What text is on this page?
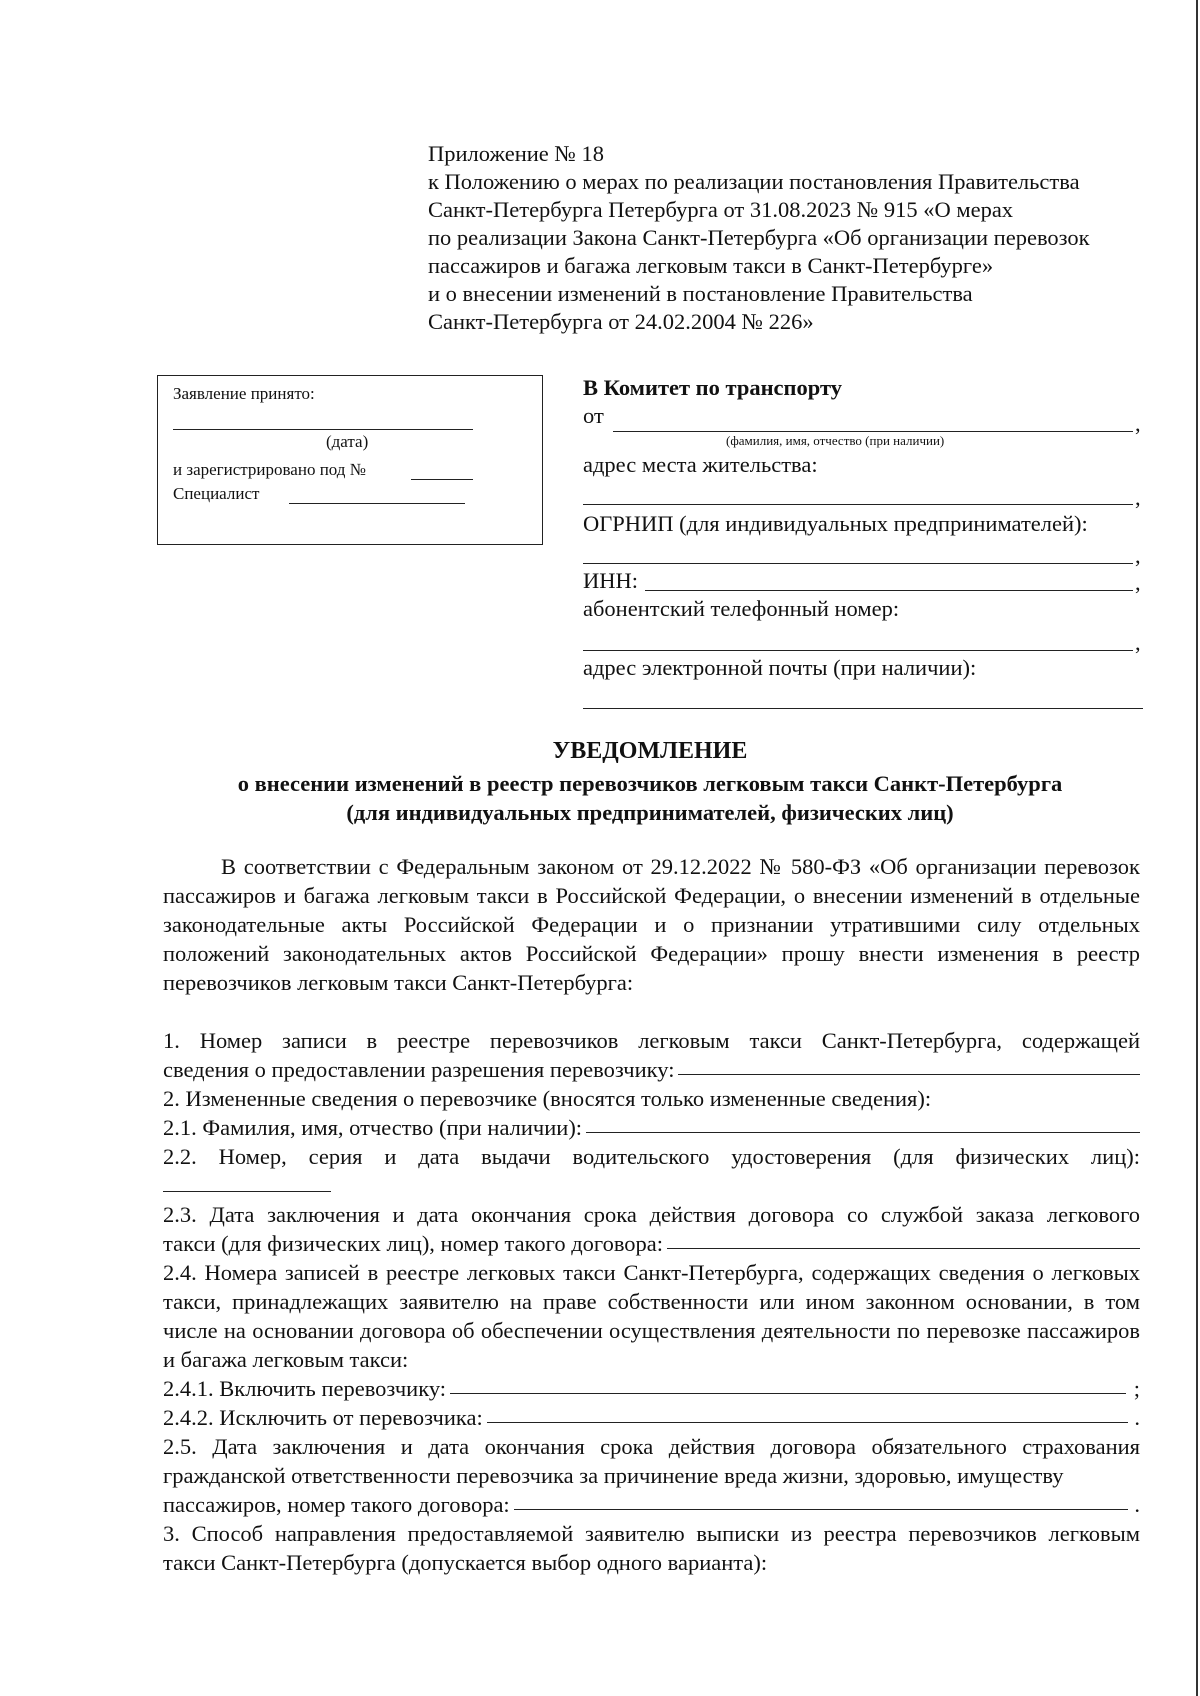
Приложение № 18
к Положению о мерах по реализации постановления Правительства
Санкт-Петербурга Петербурга от 31.08.2023 № 915 «О мерах
по реализации Закона Санкт-Петербурга «Об организации перевозок
пассажиров и багажа легковым такси в Санкт-Петербурге»
и о внесении изменений в постановление Правительства
Санкт-Петербурга от 24.02.2004 № 226»
Заявление принято:
(дата)
и зарегистрировано под №
Специалист
В Комитет по транспорту
от	,
(фамилия, имя, отчество (при наличии)
адрес места жительства:
,
ОГРНИП (для индивидуальных предпринимателей):
,
ИНН:	,
абонентский телефонный номер:
,
адрес электронной почты (при наличии):
УВЕДОМЛЕНИЕ
о внесении изменений в реестр перевозчиков легковым такси Санкт-Петербурга
(для индивидуальных предпринимателей, физических лиц)
В соответствии с Федеральным законом от 29.12.2022 № 580-ФЗ «Об организации перевозок пассажиров и багажа легковым такси в Российской Федерации, о внесении изменений в отдельные законодательные акты Российской Федерации и о признании утратившими силу отдельных положений законодательных актов Российской Федерации» прошу внести изменения в реестр перевозчиков легковым такси Санкт-Петербурга:
1. Номер записи в реестре перевозчиков легковым такси Санкт-Петербурга, содержащей
сведения о предоставлении разрешения перевозчику:
2. Измененные сведения о перевозчике (вносятся только измененные сведения):
2.1. Фамилия, имя, отчество (при наличии):
2.2. Номер, серия и дата выдачи водительского удостоверения (для физических лиц):
2.3. Дата заключения и дата окончания срока действия договора со службой заказа легкового
такси (для физических лиц), номер такого договора:
2.4. Номера записей в реестре легковых такси Санкт-Петербурга, содержащих сведения о легковых такси, принадлежащих заявителю на праве собственности или ином законном основании, в том числе на основании договора об обеспечении осуществления деятельности по перевозке пассажиров и багажа легковым такси:
2.4.1. Включить перевозчику:	;
2.4.2. Исключить от перевозчика:	.
2.5. Дата заключения и дата окончания срока действия договора обязательного страхования гражданской ответственности перевозчика за причинение вреда жизни, здоровью, имуществу
пассажиров, номер такого договора:	.
3. Способ направления предоставляемой заявителю выписки из реестра перевозчиков легковым такси Санкт-Петербурга (допускается выбор одного варианта):
